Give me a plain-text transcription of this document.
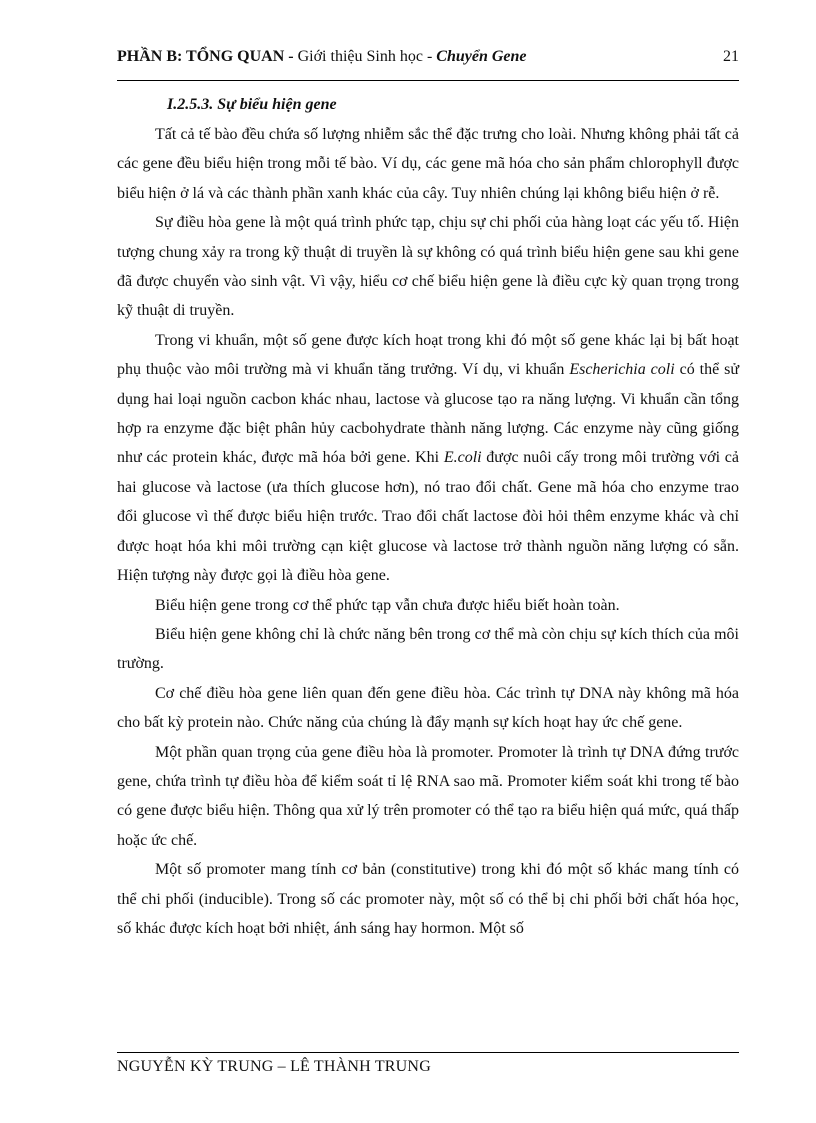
PHẦN B: TỔNG QUAN - Giới thiệu Sinh học - Chuyển Gene	21
I.2.5.3. Sự biểu hiện gene

Tất cả tế bào đều chứa số lượng nhiễm sắc thể đặc trưng cho loài. Nhưng không phải tất cả các gene đều biểu hiện trong mỗi tế bào. Ví dụ, các gene mã hóa cho sản phẩm chlorophyll được biểu hiện ở lá và các thành phần xanh khác của cây. Tuy nhiên chúng lại không biểu hiện ở rễ.

Sự điều hòa gene là một quá trình phức tạp, chịu sự chi phối của hàng loạt các yếu tố. Hiện tượng chung xảy ra trong kỹ thuật di truyền là sự không có quá trình biểu hiện gene sau khi gene đã được chuyển vào sinh vật. Vì vậy, hiểu cơ chế biểu hiện gene là điều cực kỳ quan trọng trong kỹ thuật di truyền.

Trong vi khuẩn, một số gene được kích hoạt trong khi đó một số gene khác lại bị bất hoạt phụ thuộc vào môi trường mà vi khuẩn tăng trưởng. Ví dụ, vi khuẩn Escherichia coli có thể sử dụng hai loại nguồn cacbon khác nhau, lactose và glucose tạo ra năng lượng. Vi khuẩn cần tổng hợp ra enzyme đặc biệt phân hủy cacbohydrate thành năng lượng. Các enzyme này cũng giống như các protein khác, được mã hóa bởi gene. Khi E.coli được nuôi cấy trong môi trường với cả hai glucose và lactose (ưa thích glucose hơn), nó trao đổi chất. Gene mã hóa cho enzyme trao đổi glucose vì thế được biểu hiện trước. Trao đổi chất lactose đòi hỏi thêm enzyme khác và chỉ được hoạt hóa khi môi trường cạn kiệt glucose và lactose trở thành nguồn năng lượng có sẵn. Hiện tượng này được gọi là điều hòa gene.

Biểu hiện gene trong cơ thể phức tạp vẫn chưa được hiểu biết hoàn toàn.

Biểu hiện gene không chỉ là chức năng bên trong cơ thể mà còn chịu sự kích thích của môi trường.

Cơ chế điều hòa gene liên quan đến gene điều hòa. Các trình tự DNA này không mã hóa cho bất kỳ protein nào. Chức năng của chúng là đẩy mạnh sự kích hoạt hay ức chế gene.

Một phần quan trọng của gene điều hòa là promoter. Promoter là trình tự DNA đứng trước gene, chứa trình tự điều hòa để kiểm soát tỉ lệ RNA sao mã. Promoter kiểm soát khi trong tế bào có gene được biểu hiện. Thông qua xử lý trên promoter có thể tạo ra biểu hiện quá mức, quá thấp hoặc ức chế.

Một số promoter mang tính cơ bản (constitutive) trong khi đó một số khác mang tính có thể chi phối (inducible). Trong số các promoter này, một số có thể bị chi phối bởi chất hóa học, số khác được kích hoạt bởi nhiệt, ánh sáng hay hormon. Một số

NGUYỄN KỲ TRUNG – LÊ THÀNH TRUNG
